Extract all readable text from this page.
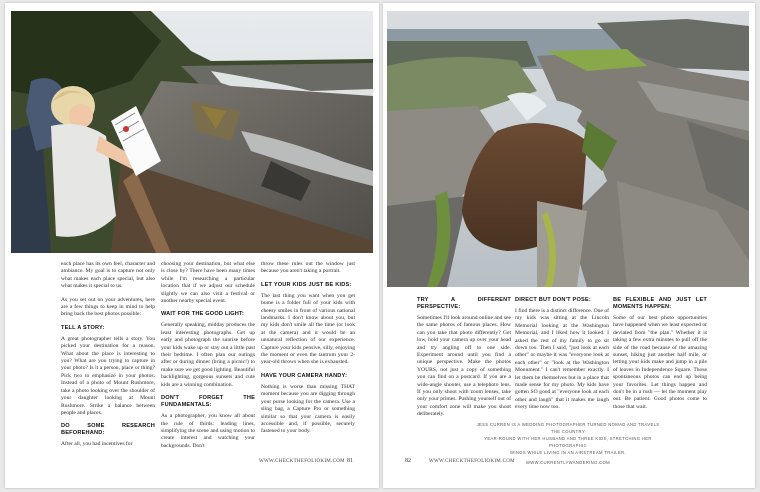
each place has its own feel, character and ambiance. My goal is to capture not only what makes each place special, but also what makes it special to us.

As you set out on your adventures, here are a few things to keep in mind to help bring back the best photos possible:

TELL A STORY:

A great photographer tells a story. You picked your destination for a reason. What about the place is interesting to you? What are you trying to capture in your photo? Is it a person, place or thing? Pick two to emphasize in your photos. Instead of a photo of Mount Rushmore, take a photo looking over the shoulder of your daughter looking at Mount Rushmore. Strike a balance between people and places.

DO SOME RESEARCH BEFOREHAND:

After all, you had incentives for

choosing your destination, but what else is close by? There have been many times while I'm researching a particular location that if we adjust our schedule slightly we can also visit a festival or another nearby special event.

WAIT FOR THE GOOD LIGHT:

Generally speaking, midday produces the least interesting photographs. Get up early and photograph the sunrise before your kids wake up or stay out a little past their bedtime. I often plan our outings after or during dinner (bring a picnic!) to make sure we get good lighting. Beautiful backlighting, gorgeous sunsets and cute kids are a winning combination.

DON'T FORGET THE FUNDAMENTALS:

As a photographer, you know all about the rule of thirds: leading lines, simplifying the scene and using motion to create interest and watching your backgrounds. Don't

throw these rules out the window just because you aren't taking a portrait.

LET YOUR KIDS JUST BE KIDS:

The last thing you want when you get home is a folder full of your kids with cheesy smiles in front of various national landmarks. I don't know about you, but my kids don't smile all the time (or look at the camera) and it would be an unnatural reflection of our experience. Capture your kids pensive, silly, enjoying the moment or even the tantrum your 2-year-old throws when she is exhausted.

HAVE YOUR CAMERA HANDY:

Nothing is worse than missing THAT moment because you are digging through your purse looking for the camera. Use a sling bag, a Capture Pro or something similar so that your camera is easily accessible and, if possible, securely fastened to your body.

WWW.CHECKTHEFOLIOKIM.COM 81
TRY A DIFFERENT PERSPECTIVE:

Sometimes I'll look around online and see the same photos of famous places. How can you take that photo differently? Get low, hold your camera up over your head and try angling off to one side. Experiment around until you find a unique perspective. Make the photos YOURS, not just a copy of something you can find on a postcard. If you are a wide-angle shooter, use a telephoto lens. If you only shoot with zoom lenses, take only your primes. Pushing yourself out of your comfort zone will make you shoot deliberately.

DIRECT BUT DON'T POSE:

I find there is a distinct difference. One of my kids was sitting at the Lincoln Memorial looking at the Washington Memorial, and I liked how it looked. I asked the rest of my family to go sit down too. Then I said, "just look at each other" or maybe it was "everyone look at each other" or "look at the Washington Monument." I can't remember exactly. I let them be themselves but in a place that made sense for my photo. My kids have gotten SO good at "everyone look at each other and laugh" that it makes me laugh every time now too.

BE FLEXIBLE AND JUST LET MOMENTS HAPPEN:

Some of our best photo opportunities have happened when we least expected or deviated from "the plan." Whether it is taking a few extra minutes to pull off the side of the road because of the amazing sunset, hiking just another half mile, or letting your kids make and jump in a pile of leaves in Independence Square. Those spontaneous photos can end up being your favorites. Let things happen and don't be in a rush — let the moment play out. Be patient. Good photos come to those that wait.

JESS CURREN IS A WEDDING PHOTOGRAPHER TURNED NOMAD AND TRAVELS THE COUNTRY
YEAR-ROUND WITH HER HUSBAND AND THREE KIDS, STRETCHING HER PHOTOGRAPHIC
WINGS WHILE LIVING IN AN AIRSTREAM TRAILER.
WWW.CURRENTLYWANDERING.COM
82	WWW.CHECKTHEFOLIOKIM.COM
